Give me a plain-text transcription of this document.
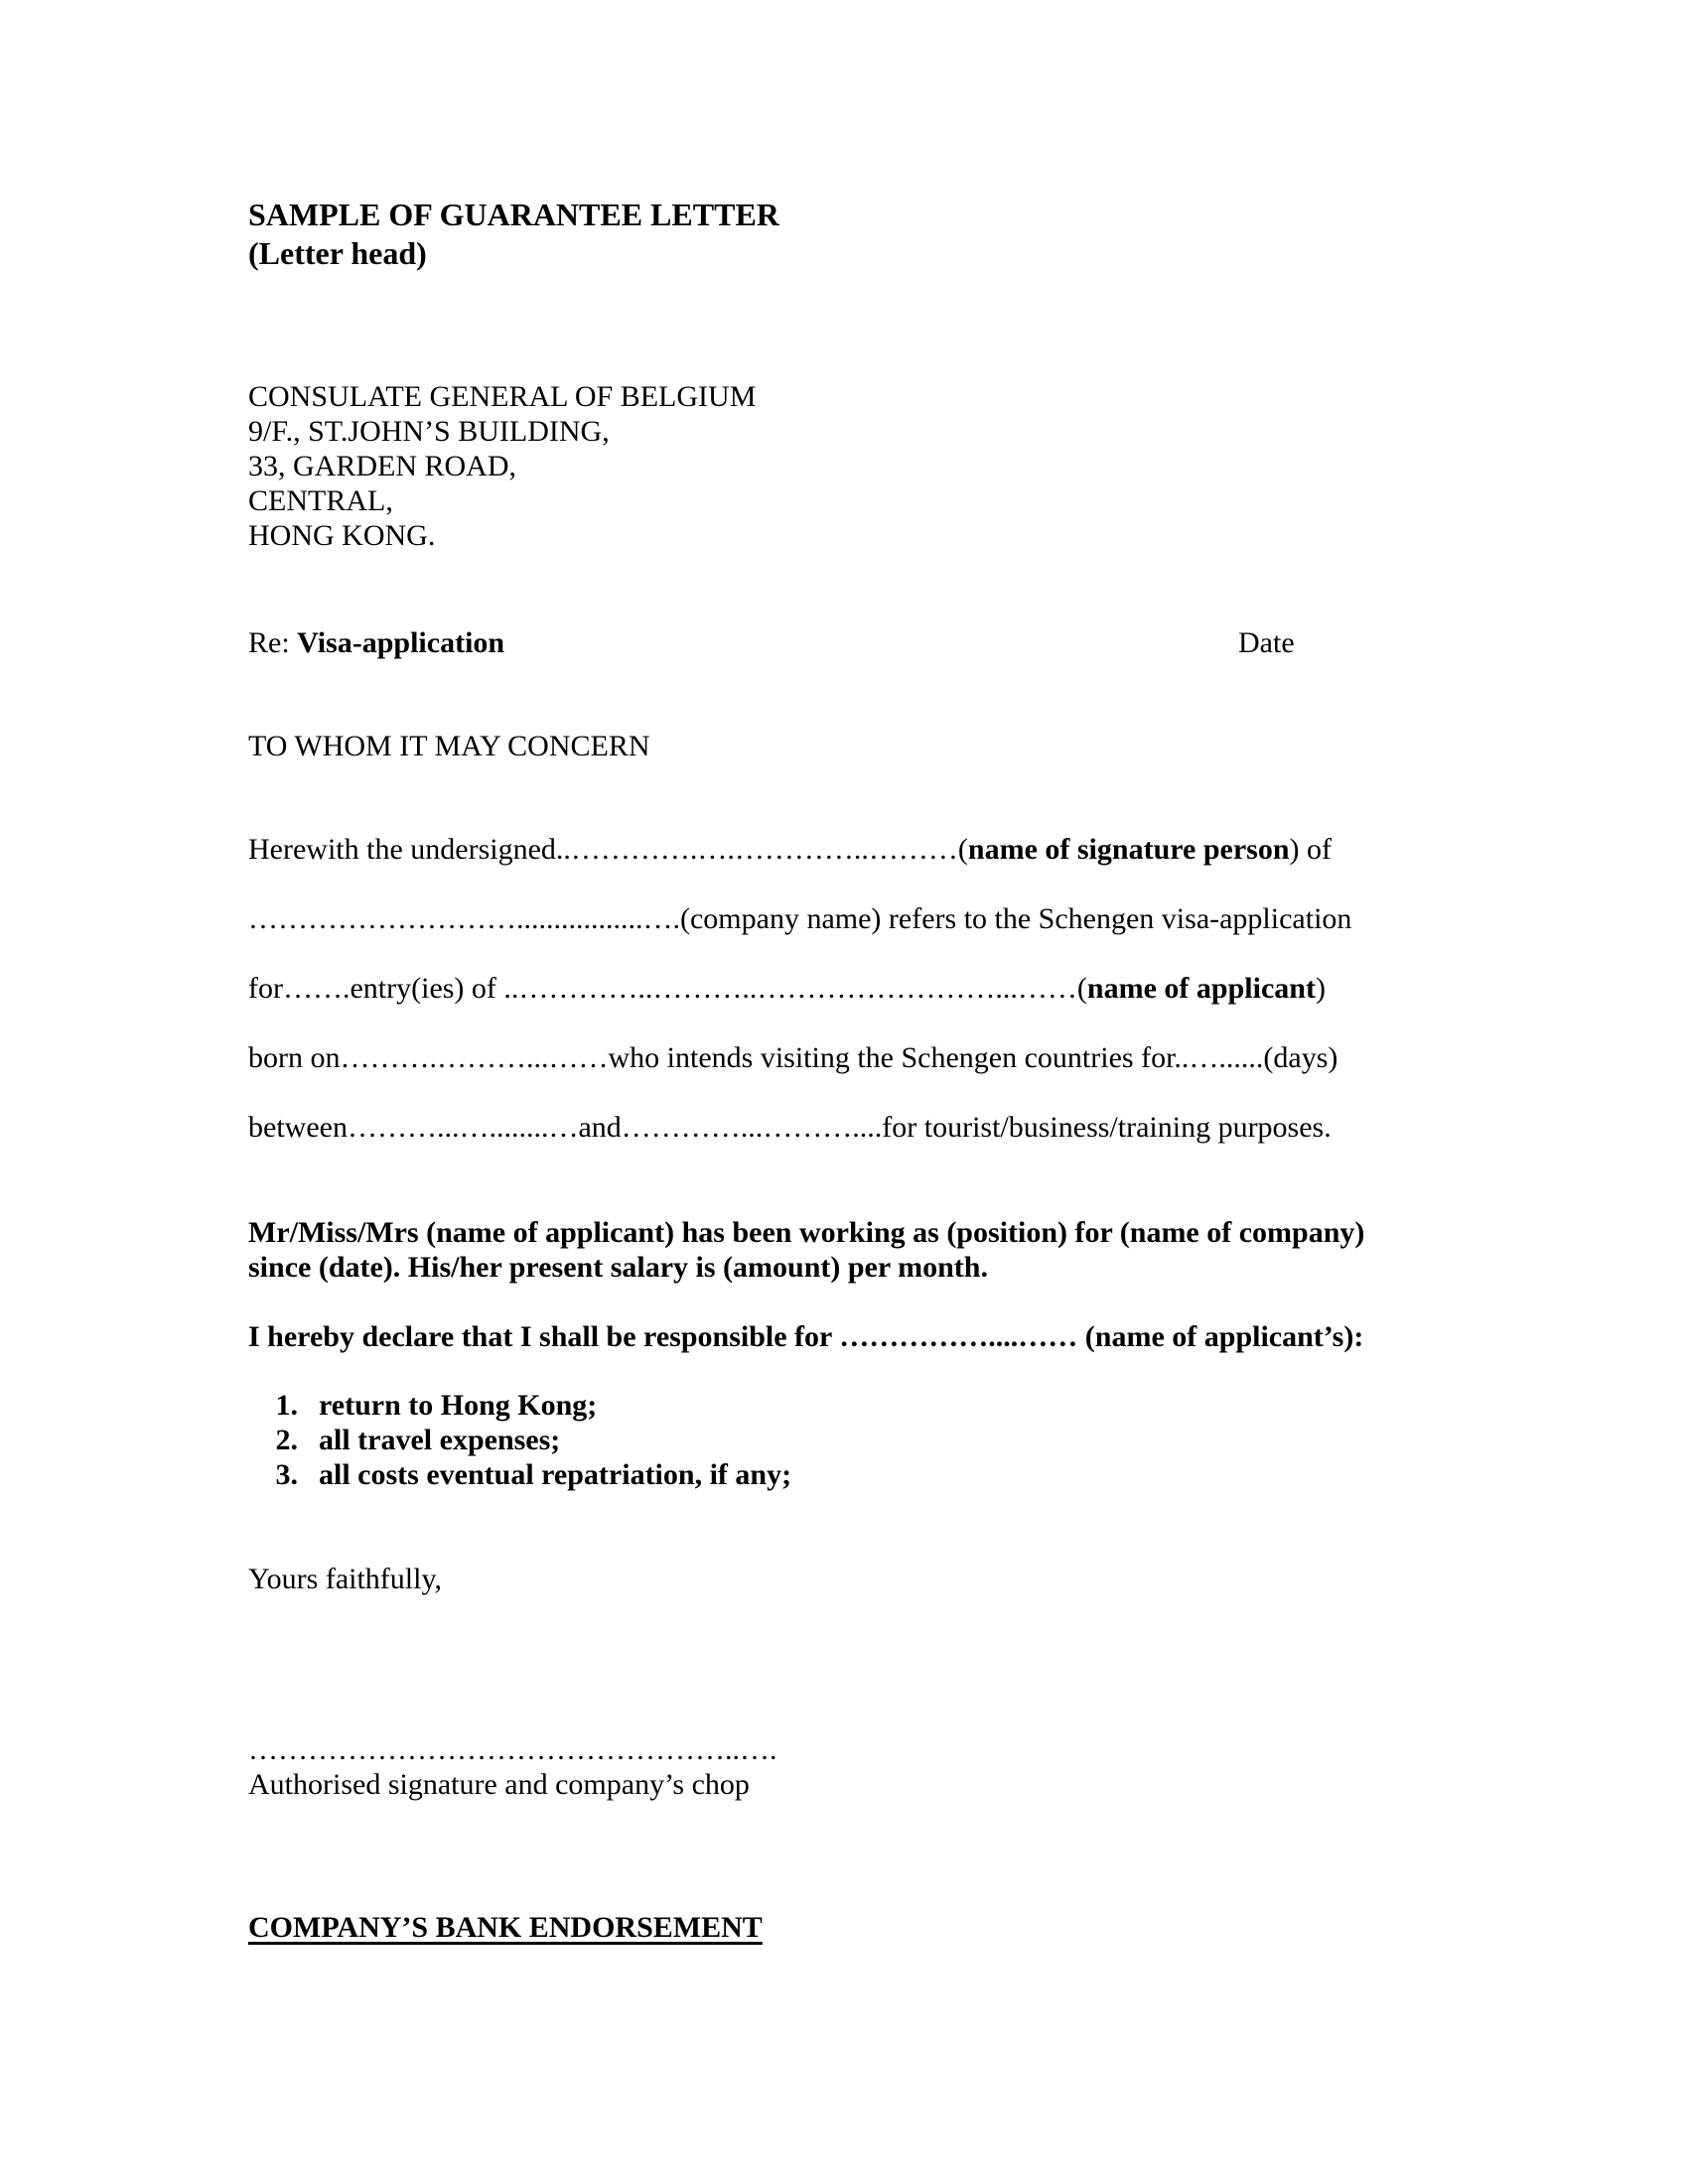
SAMPLE OF GUARANTEE LETTER
(Letter head)
CONSULATE GENERAL OF BELGIUM
9/F., ST.JOHN’S BUILDING,
33, GARDEN ROAD,
CENTRAL,
HONG KONG.
Re: Visa-application	Date
TO WHOM IT MAY CONCERN
Herewith the undersigned..………….….…………..………(name of signature person) of
……………………….................….(company name) refers to the Schengen visa-application
for…….entry(ies) of ..…………..………..……………………...……(name of applicant)
born on……….………...……who intends visiting the Schengen countries for..…......(days)
between………...…........…and…………...………....for tourist/business/training purposes.
Mr/Miss/Mrs (name of applicant) has been working as (position) for (name of company)
since (date). His/her present salary is (amount) per month.
I hereby declare that I shall be responsible for ……………....…… (name of applicant’s):
1. return to Hong Kong;
2. all travel expenses;
3. all costs eventual repatriation, if any;
Yours faithfully,
…………………………………………..….
Authorised signature and company’s chop
COMPANY’S BANK ENDORSEMENT
